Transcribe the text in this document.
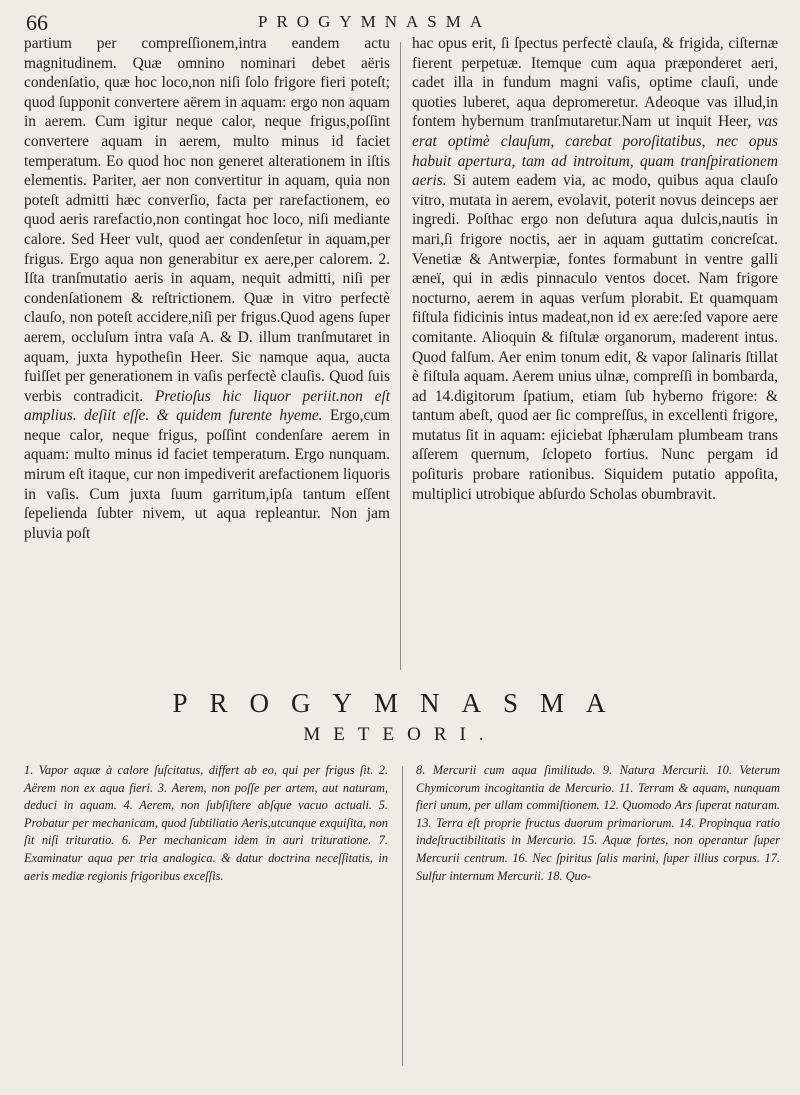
66	PROGYMNASMA

partium per compreſſionem,intra eandem actu magnitudinem. Quæ omnino nominari debet aëris condenſatio, quæ hoc loco,non niſi ſolo frigore fieri poteſt; quod ſupponit convertere aërem in aquam: ergo non aquam in aerem. Cum igitur neque calor, neque frigus,poſſint convertere aquam in aerem, multo minus id faciet temperatum. Eo quod hoc non generet alterationem in iſtis elementis. Pariter, aer non convertitur in aquam, quia non poteſt admitti hæc converſio, facta per rarefactionem, eo quod aeris rarefactio,non contingat hoc loco, niſi mediante calore. Sed Heer vult, quod aer condenſetur in aquam,per frigus. Ergo aqua non generabitur ex aere,per calorem. 2. Iſta tranſmutatio aeris in aquam, nequit admitti, niſi per condenſationem & reſtrictionem. Quæ in vitro perfectè clauſo, non poteſt accidere,niſi per frigus.Quod agens ſuper aerem, occluſum intra vaſa A. & D. illum tranſmutaret in aquam, juxta hypotheſin Heer. Sic namque aqua, aucta fuiſſet per generationem in vaſis perfectè clauſis. Quod ſuis verbis contradicit. Pretioſus hic liquor periit.non eſt amplius. deſiit eſſe. & quidem furente hyeme. Ergo,cum neque calor, neque frigus, poſſint condenſare aerem in aquam: multo minus id faciet temperatum. Ergo nunquam. mirum eſt itaque, cur non impediverit arefactionem liquoris in vaſis. Cum juxta ſuum garritum,ipſa tantum eſſent ſepelienda ſubter nivem, ut aqua repleantur. Non jam pluvia poſt

hac opus erit, ſi ſpectus perfectè clauſa, & frigida, ciſternæ fierent perpetuæ. Itemque cum aqua præponderet aeri, cadet illa in fundum magni vaſis, optime clauſi, unde quoties luberet, aqua depromeretur. Adeoque vas illud,in fontem hybernum tranſmutaretur.Nam ut inquit Heer, vas erat optimè clauſum, carebat poroſitatibus, nec opus habuit apertura, tam ad introitum, quam tranſpirationem aeris. Si autem eadem via, ac modo, quibus aqua clauſo vitro, mutata in aerem, evolavit, poterit novus deinceps aer ingredi. Poſthac ergo non deſutura aqua dulcis,nautis in mari,ſi frigore noctis, aer in aquam guttatim concreſcat. Venetiæ & Antwerpiæ, fontes formabunt in ventre galli æneï, qui in ædis pinnaculo ventos docet. Nam frigore nocturno, aerem in aquas verſum plorabit. Et quamquam fiſtula fidicinis intus madeat,non id ex aere:ſed vapore aere comitante. Alioquin & fiſtulæ organorum, maderent intus. Quod falſum. Aer enim tonum edit, & vapor ſalinaris ſtillat è fiſtula aquam. Aerem unius ulnæ, compreſſi in bombarda, ad 14.digitorum ſpatium, etiam ſub hyberno frigore: & tantum abeſt, quod aer ſic compreſſus, in excellenti frigore, mutatus ſit in aquam: ejiciebat ſphærulam plumbeam trans aſſerem quernum, ſclopeto fortius. Nunc pergam id poſituris probare rationibus. Siquidem putatio appoſita, multiplici utrobique abſurdo Scholas obumbravit.

PROGYMNASMA
METEORI.

1. Vapor aquæ à calore ſuſcitatus, differt ab eo, qui per frigus ſit. 2. Aërem non ex aqua fieri. 3. Aerem, non poſſe per artem, aut naturam, deduci in aquam. 4. Aerem, non ſubſiſtere abſque vacuo actuali. 5. Probatur per mechanicam, quod ſubtiliatio Aeris,utcunque exquiſita, non ſit niſi trituratio. 6. Per mechanicam idem in auri trituratione. 7. Examinatur aqua per tria analogica. & datur doctrina neceſſitatis, in aeris mediæ regionis frigoribus exceſſis.

8. Mercurii cum aqua ſimilitudo. 9. Natura Mercurii. 10. Veterum Chymicorum incogitantia de Mercurio. 11. Terram & aquam, nunquam fieri unum, per ullam commiſtionem. 12. Quomodo Ars ſuperat naturam. 13. Terra eſt proprie fructus duorum primariorum. 14. Propinqua ratio indeſtructibilitatis in Mercurio. 15. Aquæ fortes, non operantur ſuper Mercurii centrum. 16. Nec ſpiritus ſalis marini, ſuper illius corpus. 17. Sulfur internum Mercurii. 18. Quo-
